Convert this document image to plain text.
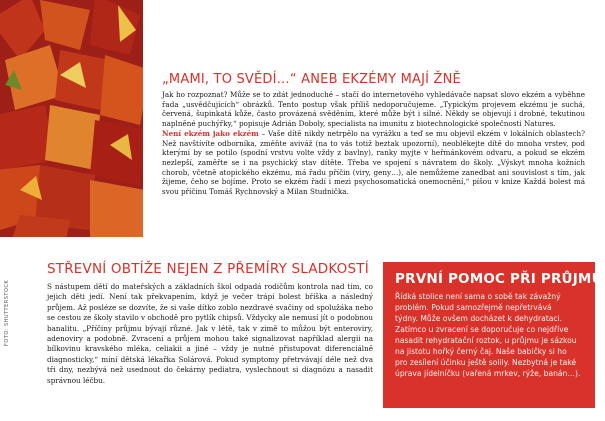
FOTO: SHUTTERSTOCK
„MAMI, TO SVĚDÍ…“ ANEB EKZÉMY MAJÍ ŽNĚ

Jak ho rozpoznat? Může se to zdát jednoduché – stačí do internetového vyhledávače napsat slovo ekzém a vyběhne řada „usvědčujících“ obrázků. Tento postup však příliš nedoporučujeme. „Typickým projevem ekzému je suchá, červená, šupinkatá kůže, často provázená svěděním, které může být i silné. Někdy se objevují i drobné, tekutinou naplněné puchýřky,“ popisuje Adrián Doboly, specialista na imunitu z biotechnologické společnosti Natures.

Není ekzém jako ekzém – Vaše dítě nikdy netrpělo na vyrážku a teď se mu objevil ekzém v lokálních oblastech? Než navštívíte odborníka, změňte aviváž (na to vás totiž beztak upozorní), neoblékejte dítě do mnoha vrstev, pod kterými by se potilo (spodní vrstvu volte vždy z bavlny), ranky myjte v heřmánkovém odvaru, a pokud se ekzém nezlepší, zaměřte se i na psychický stav dítěte. Třeba ve spojení s návratem do školy. „Výskyt mnoha kožních chorob, včetně atopického ekzému, má řadu příčin (viry, geny…), ale nemůžeme zanedbat ani souvislost s tím, jak žijeme, čeho se bojíme. Proto se ekzém řadí i mezi psychosomatická onemocnění,“ píšou v knize Každá bolest má svou příčinu Tomáš Rychnovský a Milan Studnička.

STŘEVNÍ OBTÍŽE NEJEN Z PŘEMÍRY SLADKOSTÍ

S nástupem dětí do mateřských a základních škol odpadá rodičům kontrola nad tím, co jejich děti jedí. Není tak překvapením, když je večer trápí bolest bříška a následný průjem. Až posléze se dozvíte, že si vaše dítko zoblo nezdravé svačiny od spolužáka nebo se cestou ze školy stavilo v obchodě pro pytlík chipsů. Vždycky ale nemusí jít o podobnou banalitu. „Příčiny průjmu bývají různé. Jak v létě, tak v zimě to můžou být enteroviry, adenoviry a podobně. Zvracení a průjem mohou také signalizovat například alergii na bílkovinu kravského mléka, celiakii a jiné – vždy je nutné přistupovat diferenciálně diagnosticky,“ míní dětská lékařka Solárová. Pokud symptomy přetrvávají déle než dva tři dny, nezbývá než usednout do čekárny pediatra, vyslechnout si diagnózu a nasadit správnou léčbu.

PRVNÍ POMOC PŘI PRŮJMU

Řídká stolice není sama o sobě tak závažný
problém. Pokud samozřejmě nepřetrvává
týdny. Může ovšem docházet k dehydrataci.
Zatímco u zvracení se doporučuje co nejdříve
nasadit rehydratační roztok, u průjmu je sázkou
na jistotu hořký černý čaj. Naše babičky si ho
pro zesílení účinku ještě solily. Nezbytná je také
úprava jídelníčku (vařená mrkev, rýže, banán…).
